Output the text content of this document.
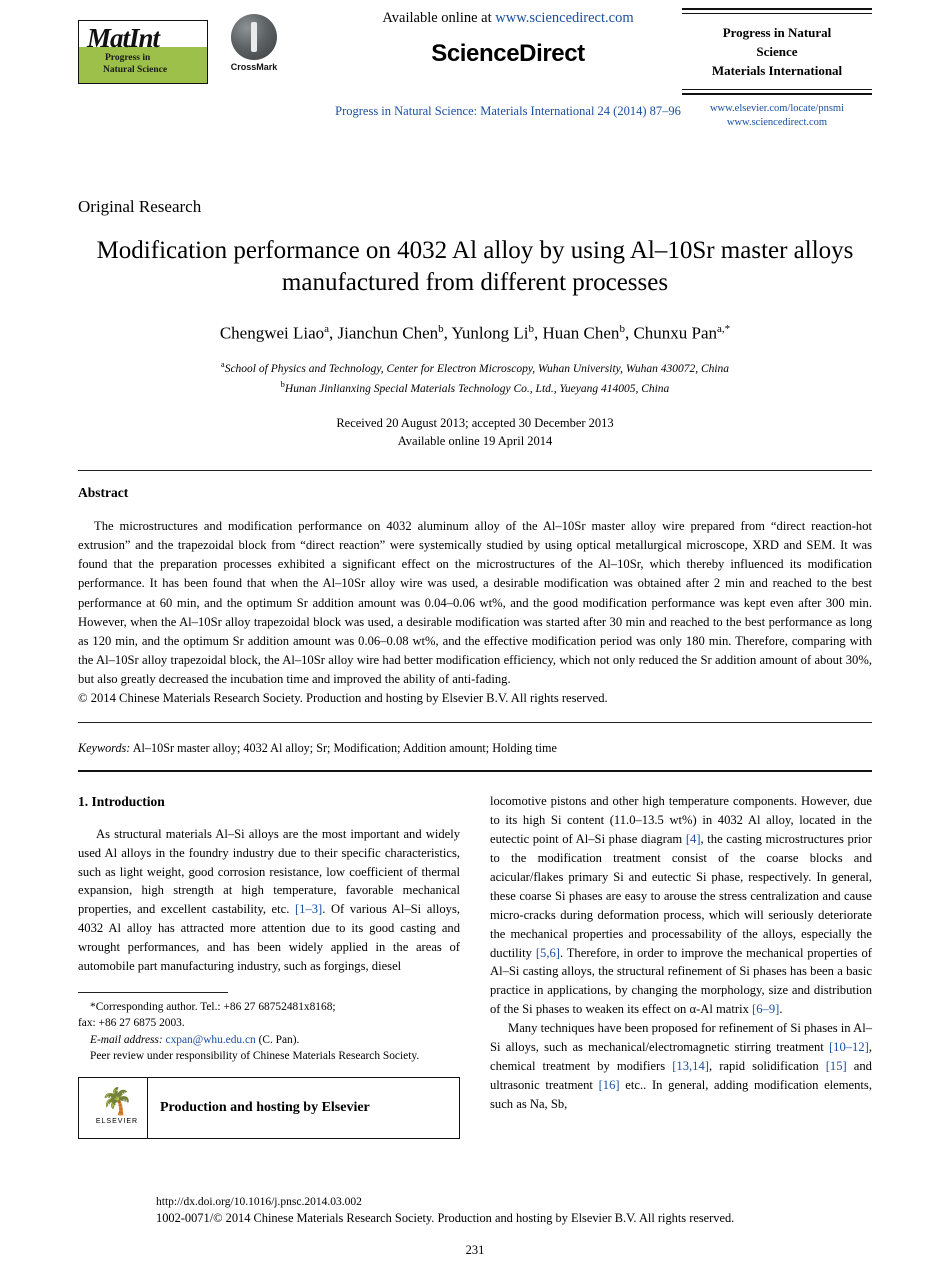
MatInt
Progress in
Natural Science	CrossMark
Available online at www.sciencedirect.com
ScienceDirect
Progress in Natural Science: Materials International 24 (2014) 87–96
Progress in Natural
Science
Materials International
www.elsevier.com/locate/pnsmi
www.sciencedirect.com
Original Research
Modification performance on 4032 Al alloy by using Al–10Sr master alloys manufactured from different processes
Chengwei Liao$^a$, Jianchun Chen$^b$, Yunlong Li$^b$, Huan Chen$^b$, Chunxu Pan$^{a,*}$
$^a$School of Physics and Technology, Center for Electron Microscopy, Wuhan University, Wuhan 430072, China
$^b$Hunan Jinlianxing Special Materials Technology Co., Ltd., Yueyang 414005, China
Received 20 August 2013; accepted 30 December 2013
Available online 19 April 2014
Abstract

The microstructures and modification performance on 4032 aluminum alloy of the Al–10Sr master alloy wire prepared from “direct reaction-hot extrusion” and the trapezoidal block from “direct reaction” were systemically studied by using optical metallurgical microscope, XRD and SEM. It was found that the preparation processes exhibited a significant effect on the microstructures of the Al–10Sr, which thereby influenced its modification performance. It has been found that when the Al–10Sr alloy wire was used, a desirable modification was obtained after 2 min and reached to the best performance at 60 min, and the optimum Sr addition amount was 0.04–0.06 wt%, and the good modification performance was kept even after 300 min. However, when the Al–10Sr alloy trapezoidal block was used, a desirable modification was started after 30 min and reached to the best performance as long as 120 min, and the optimum Sr addition amount was 0.06–0.08 wt%, and the effective modification period was only 180 min. Therefore, comparing with the Al–10Sr alloy trapezoidal block, the Al–10Sr alloy wire had better modification efficiency, which not only reduced the Sr addition amount of about 30%, but also greatly decreased the incubation time and improved the ability of anti-fading.

© 2014 Chinese Materials Research Society. Production and hosting by Elsevier B.V. All rights reserved.

Keywords: Al–10Sr master alloy; 4032 Al alloy; Sr; Modification; Addition amount; Holding time
1. Introduction

As structural materials Al–Si alloys are the most important and widely used Al alloys in the foundry industry due to their specific characteristics, such as light weight, good corrosion resistance, low coefficient of thermal expansion, high strength at high temperature, favorable mechanical properties, and excellent castability, etc. [1–3]. Of various Al–Si alloys, 4032 Al alloy has attracted more attention due to its good casting and wrought performances, and has been widely applied in the areas of automobile part manufacturing industry, such as forgings, diesel

*Corresponding author. Tel.: +86 27 68752481x8168;

fax: +86 27 6875 2003.

E-mail address: cxpan@whu.edu.cn (C. Pan).

Peer review under responsibility of Chinese Materials Research Society.

🌴
ELSEVIER
Production and hosting by Elsevier

locomotive pistons and other high temperature components. However, due to its high Si content (11.0–13.5 wt%) in 4032 Al alloy, located in the eutectic point of Al–Si phase diagram [4], the casting microstructures prior to the modification treatment consist of the coarse blocks and acicular/flakes primary Si and eutectic Si phase, respectively. In general, these coarse Si phases are easy to arouse the stress centralization and cause micro-cracks during deformation process, which will seriously deteriorate the mechanical properties and processability of the alloys, especially the ductility [5,6]. Therefore, in order to improve the mechanical properties of Al–Si casting alloys, the structural refinement of Si phases has been a basic practice in applications, by changing the morphology, size and distribution of the Si phases to weaken its effect on α-Al matrix [6–9].

Many techniques have been proposed for refinement of Si phases in Al–Si alloys, such as mechanical/electromagnetic stirring treatment [10–12], chemical treatment by modifiers [13,14], rapid solidification [15] and ultrasonic treatment [16] etc.. In general, adding modification elements, such as Na, Sb,

http://dx.doi.org/10.1016/j.pnsc.2014.03.002
1002-0071/© 2014 Chinese Materials Research Society. Production and hosting by Elsevier B.V. All rights reserved.
231
